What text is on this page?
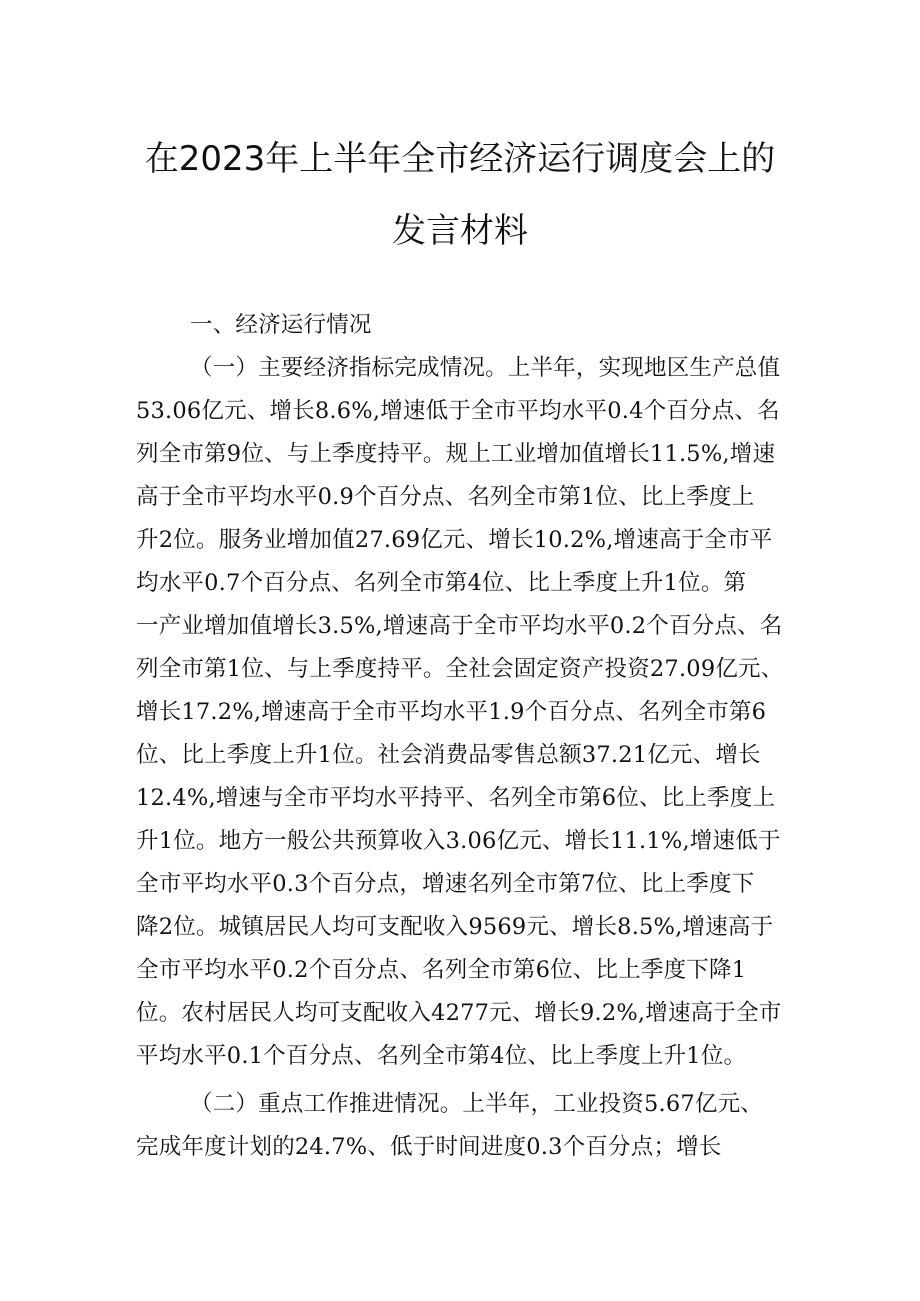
在2023年上半年全市经济运行调度会上的
发言材料
一、经济运行情况
（一）主要经济指标完成情况。上半年，实现地区生产总值
53.06亿元、增长8.6%,增速低于全市平均水平0.4个百分点、名
列全市第9位、与上季度持平。规上工业增加值增长11.5%,增速
高于全市平均水平0.9个百分点、名列全市第1位、比上季度上
升2位。服务业增加值27.69亿元、增长10.2%,增速高于全市平
均水平0.7个百分点、名列全市第4位、比上季度上升1位。第
一产业增加值增长3.5%,增速高于全市平均水平0.2个百分点、名
列全市第1位、与上季度持平。全社会固定资产投资27.09亿元、
增长17.2%,增速高于全市平均水平1.9个百分点、名列全市第6
位、比上季度上升1位。社会消费品零售总额37.21亿元、增长
12.4%,增速与全市平均水平持平、名列全市第6位、比上季度上
升1位。地方一般公共预算收入3.06亿元、增长11.1%,增速低于
全市平均水平0.3个百分点，增速名列全市第7位、比上季度下
降2位。城镇居民人均可支配收入9569元、增长8.5%,增速高于
全市平均水平0.2个百分点、名列全市第6位、比上季度下降1
位。农村居民人均可支配收入4277元、增长9.2%,增速高于全市
平均水平0.1个百分点、名列全市第4位、比上季度上升1位。
（二）重点工作推进情况。上半年，工业投资5.67亿元、
完成年度计划的24.7%、低于时间进度0.3个百分点；增长
